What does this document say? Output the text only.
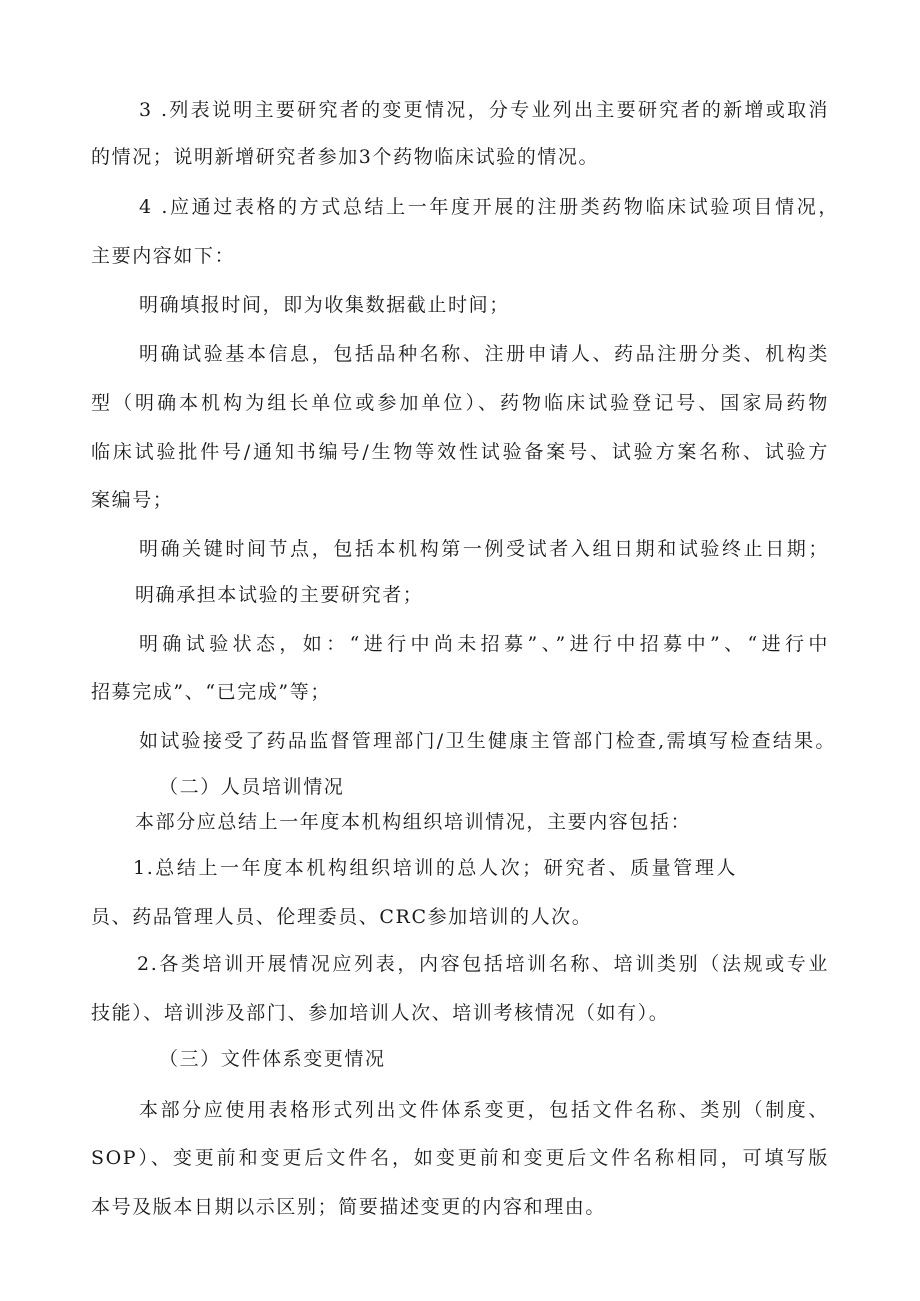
3 .列表说明主要研究者的变更情况，分专业列出主要研究者的新增或取消
的情况；说明新增研究者参加3个药物临床试验的情况。
4 .应通过表格的方式总结上一年度开展的注册类药物临床试验项目情况，
主要内容如下：
明确填报时间，即为收集数据截止时间；
明确试验基本信息，包括品种名称、注册申请人、药品注册分类、机构类
型（明确本机构为组长单位或参加单位）、药物临床试验登记号、国家局药物
临床试验批件号/通知书编号/生物等效性试验备案号、试验方案名称、试验方
案编号；
明确关键时间节点，包括本机构第一例受试者入组日期和试验终止日期；
明确承担本试验的主要研究者；
明确试验状态，如：“进行中尚未招募”、”进行中招募中”、“进行中
招募完成”、“已完成”等；
如试验接受了药品监督管理部门/卫生健康主管部门检查,需填写检查结果。
（二）人员培训情况
本部分应总结上一年度本机构组织培训情况，主要内容包括：
1.总结上一年度本机构组织培训的总人次；研究者、质量管理人
员、药品管理人员、伦理委员、CRC参加培训的人次。
2.各类培训开展情况应列表，内容包括培训名称、培训类别（法规或专业
技能）、培训涉及部门、参加培训人次、培训考核情况（如有）。
（三）文件体系变更情况
本部分应使用表格形式列出文件体系变更，包括文件名称、类别（制度、
SOP）、变更前和变更后文件名，如变更前和变更后文件名称相同，可填写版
本号及版本日期以示区别；简要描述变更的内容和理由。
